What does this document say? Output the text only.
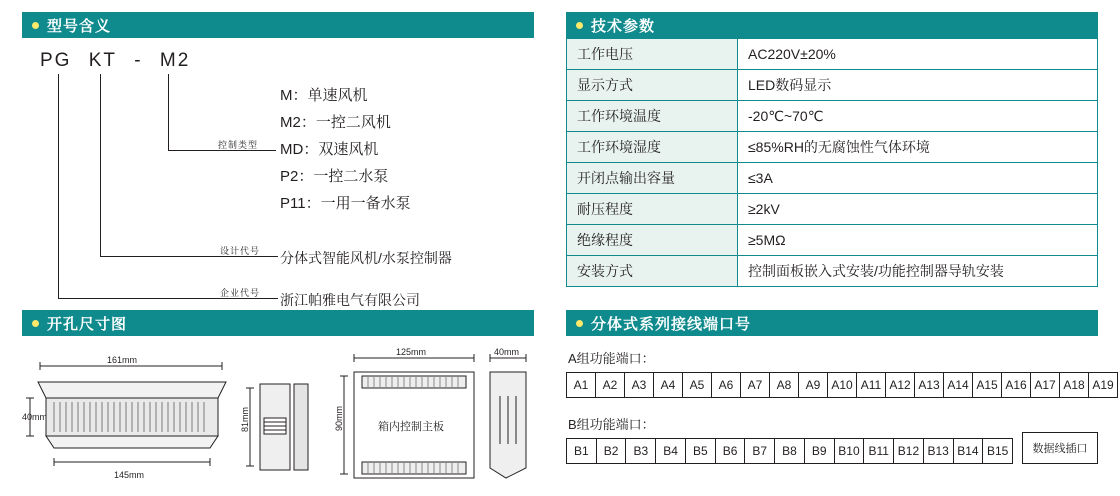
型号含义
PG KT - M2
M：单速风机
M2：一控二风机
MD：双速风机
P2：一控二水泵
P11：一用一备水泵
控制类型
设计代号 分体式智能风机/水泵控制器
企业代号 浙江帕雅电气有限公司
技术参数
工作电压	AC220V±20%
显示方式	LED数码显示
工作环境温度	-20℃~70℃
工作环境湿度	≤85%RH的无腐蚀性气体环境
开闭点输出容量	≤3A
耐压程度	≥2kV
绝缘程度	≥5MΩ
安装方式	控制面板嵌入式安装/功能控制器导轨安装
开孔尺寸图
161mm
145mm
40mm	81mm
125mm
90mm
40mm
箱内控制主板
分体式系列接线端口号
A组功能端口：
A1	A2	A3	A4	A5	A6	A7	A8	A9 A10 A11 A12 A13 A14 A15 A16 A17 A18 A19
B组功能端口：
B1	B2	B3	B4	B5	B6	B7	B8	B9 B10 B11 B12 B13 B14 B15	数据线插口
